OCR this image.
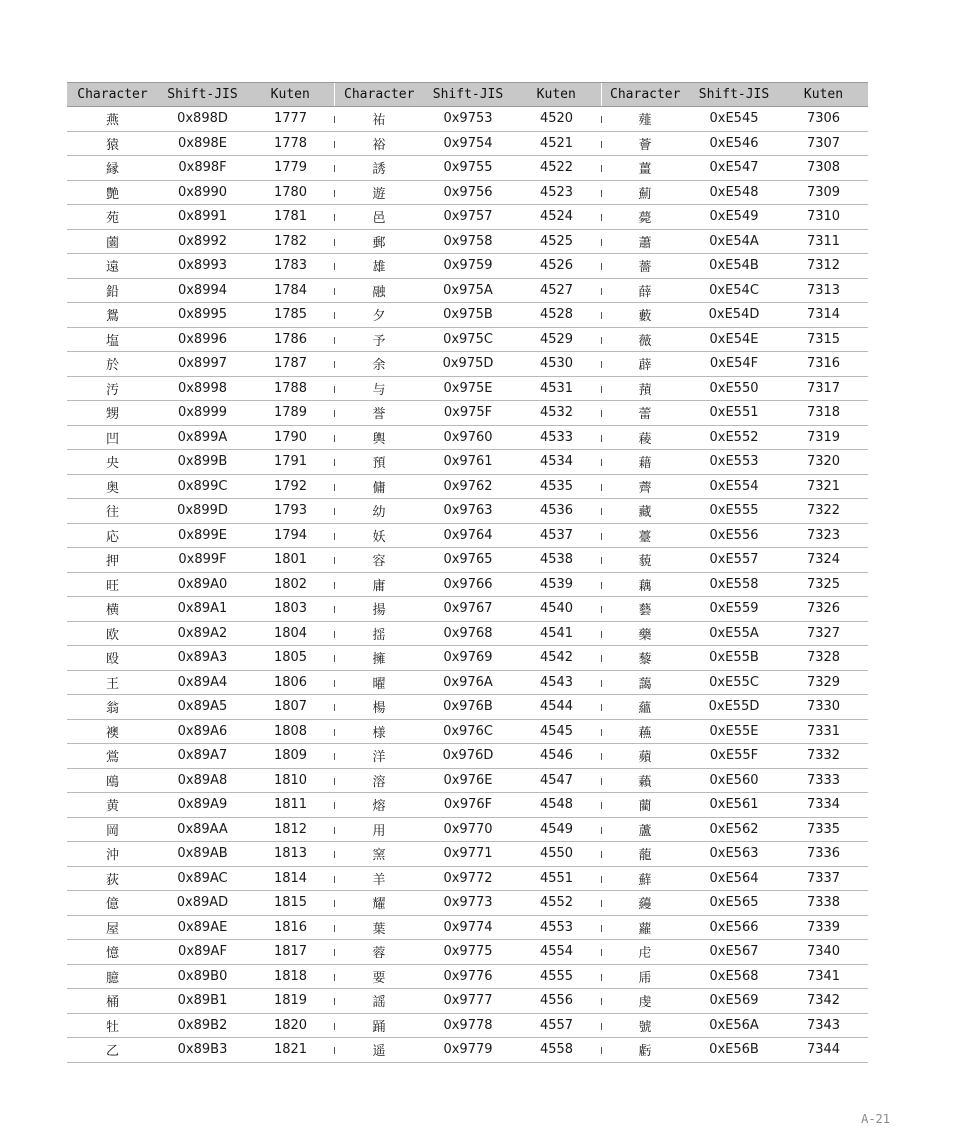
Character	Shift-JIS	Kuten	Character	Shift-JIS	Kuten	Character	Shift-JIS	Kuten
燕	0x898D	1777	祐	0x9753	4520	薤	0xE545	7306
猿	0x898E	1778	裕	0x9754	4521	薈	0xE546	7307
縁	0x898F	1779	誘	0x9755	4522	薑	0xE547	7308
艶	0x8990	1780	遊	0x9756	4523	薊	0xE548	7309
苑	0x8991	1781	邑	0x9757	4524	薨	0xE549	7310
薗	0x8992	1782	郵	0x9758	4525	蕭	0xE54A	7311
遠	0x8993	1783	雄	0x9759	4526	薔	0xE54B	7312
鉛	0x8994	1784	融	0x975A	4527	薛	0xE54C	7313
鴛	0x8995	1785	夕	0x975B	4528	藪	0xE54D	7314
塩	0x8996	1786	予	0x975C	4529	薇	0xE54E	7315
於	0x8997	1787	余	0x975D	4530	薜	0xE54F	7316
汚	0x8998	1788	与	0x975E	4531	蕷	0xE550	7317
甥	0x8999	1789	誉	0x975F	4532	蕾	0xE551	7318
凹	0x899A	1790	輿	0x9760	4533	薐	0xE552	7319
央	0x899B	1791	預	0x9761	4534	藉	0xE553	7320
奥	0x899C	1792	傭	0x9762	4535	薺	0xE554	7321
往	0x899D	1793	幼	0x9763	4536	藏	0xE555	7322
応	0x899E	1794	妖	0x9764	4537	薹	0xE556	7323
押	0x899F	1801	容	0x9765	4538	藐	0xE557	7324
旺	0x89A0	1802	庸	0x9766	4539	藕	0xE558	7325
横	0x89A1	1803	揚	0x9767	4540	藝	0xE559	7326
欧	0x89A2	1804	揺	0x9768	4541	藥	0xE55A	7327
殴	0x89A3	1805	擁	0x9769	4542	藜	0xE55B	7328
王	0x89A4	1806	曜	0x976A	4543	藹	0xE55C	7329
翁	0x89A5	1807	楊	0x976B	4544	蘊	0xE55D	7330
襖	0x89A6	1808	様	0x976C	4545	蘓	0xE55E	7331
鴬	0x89A7	1809	洋	0x976D	4546	蘋	0xE55F	7332
鴎	0x89A8	1810	溶	0x976E	4547	藾	0xE560	7333
黄	0x89A9	1811	熔	0x976F	4548	藺	0xE561	7334
岡	0x89AA	1812	用	0x9770	4549	蘆	0xE562	7335
沖	0x89AB	1813	窯	0x9771	4550	蘢	0xE563	7336
荻	0x89AC	1814	羊	0x9772	4551	蘚	0xE564	7337
億	0x89AD	1815	耀	0x9773	4552	蘰	0xE565	7338
屋	0x89AE	1816	葉	0x9774	4553	蘿	0xE566	7339
憶	0x89AF	1817	蓉	0x9775	4554	虍	0xE567	7340
臆	0x89B0	1818	要	0x9776	4555	乕	0xE568	7341
桶	0x89B1	1819	謡	0x9777	4556	虔	0xE569	7342
牡	0x89B2	1820	踊	0x9778	4557	號	0xE56A	7343
乙	0x89B3	1821	遥	0x9779	4558	虧	0xE56B	7344
A-21
